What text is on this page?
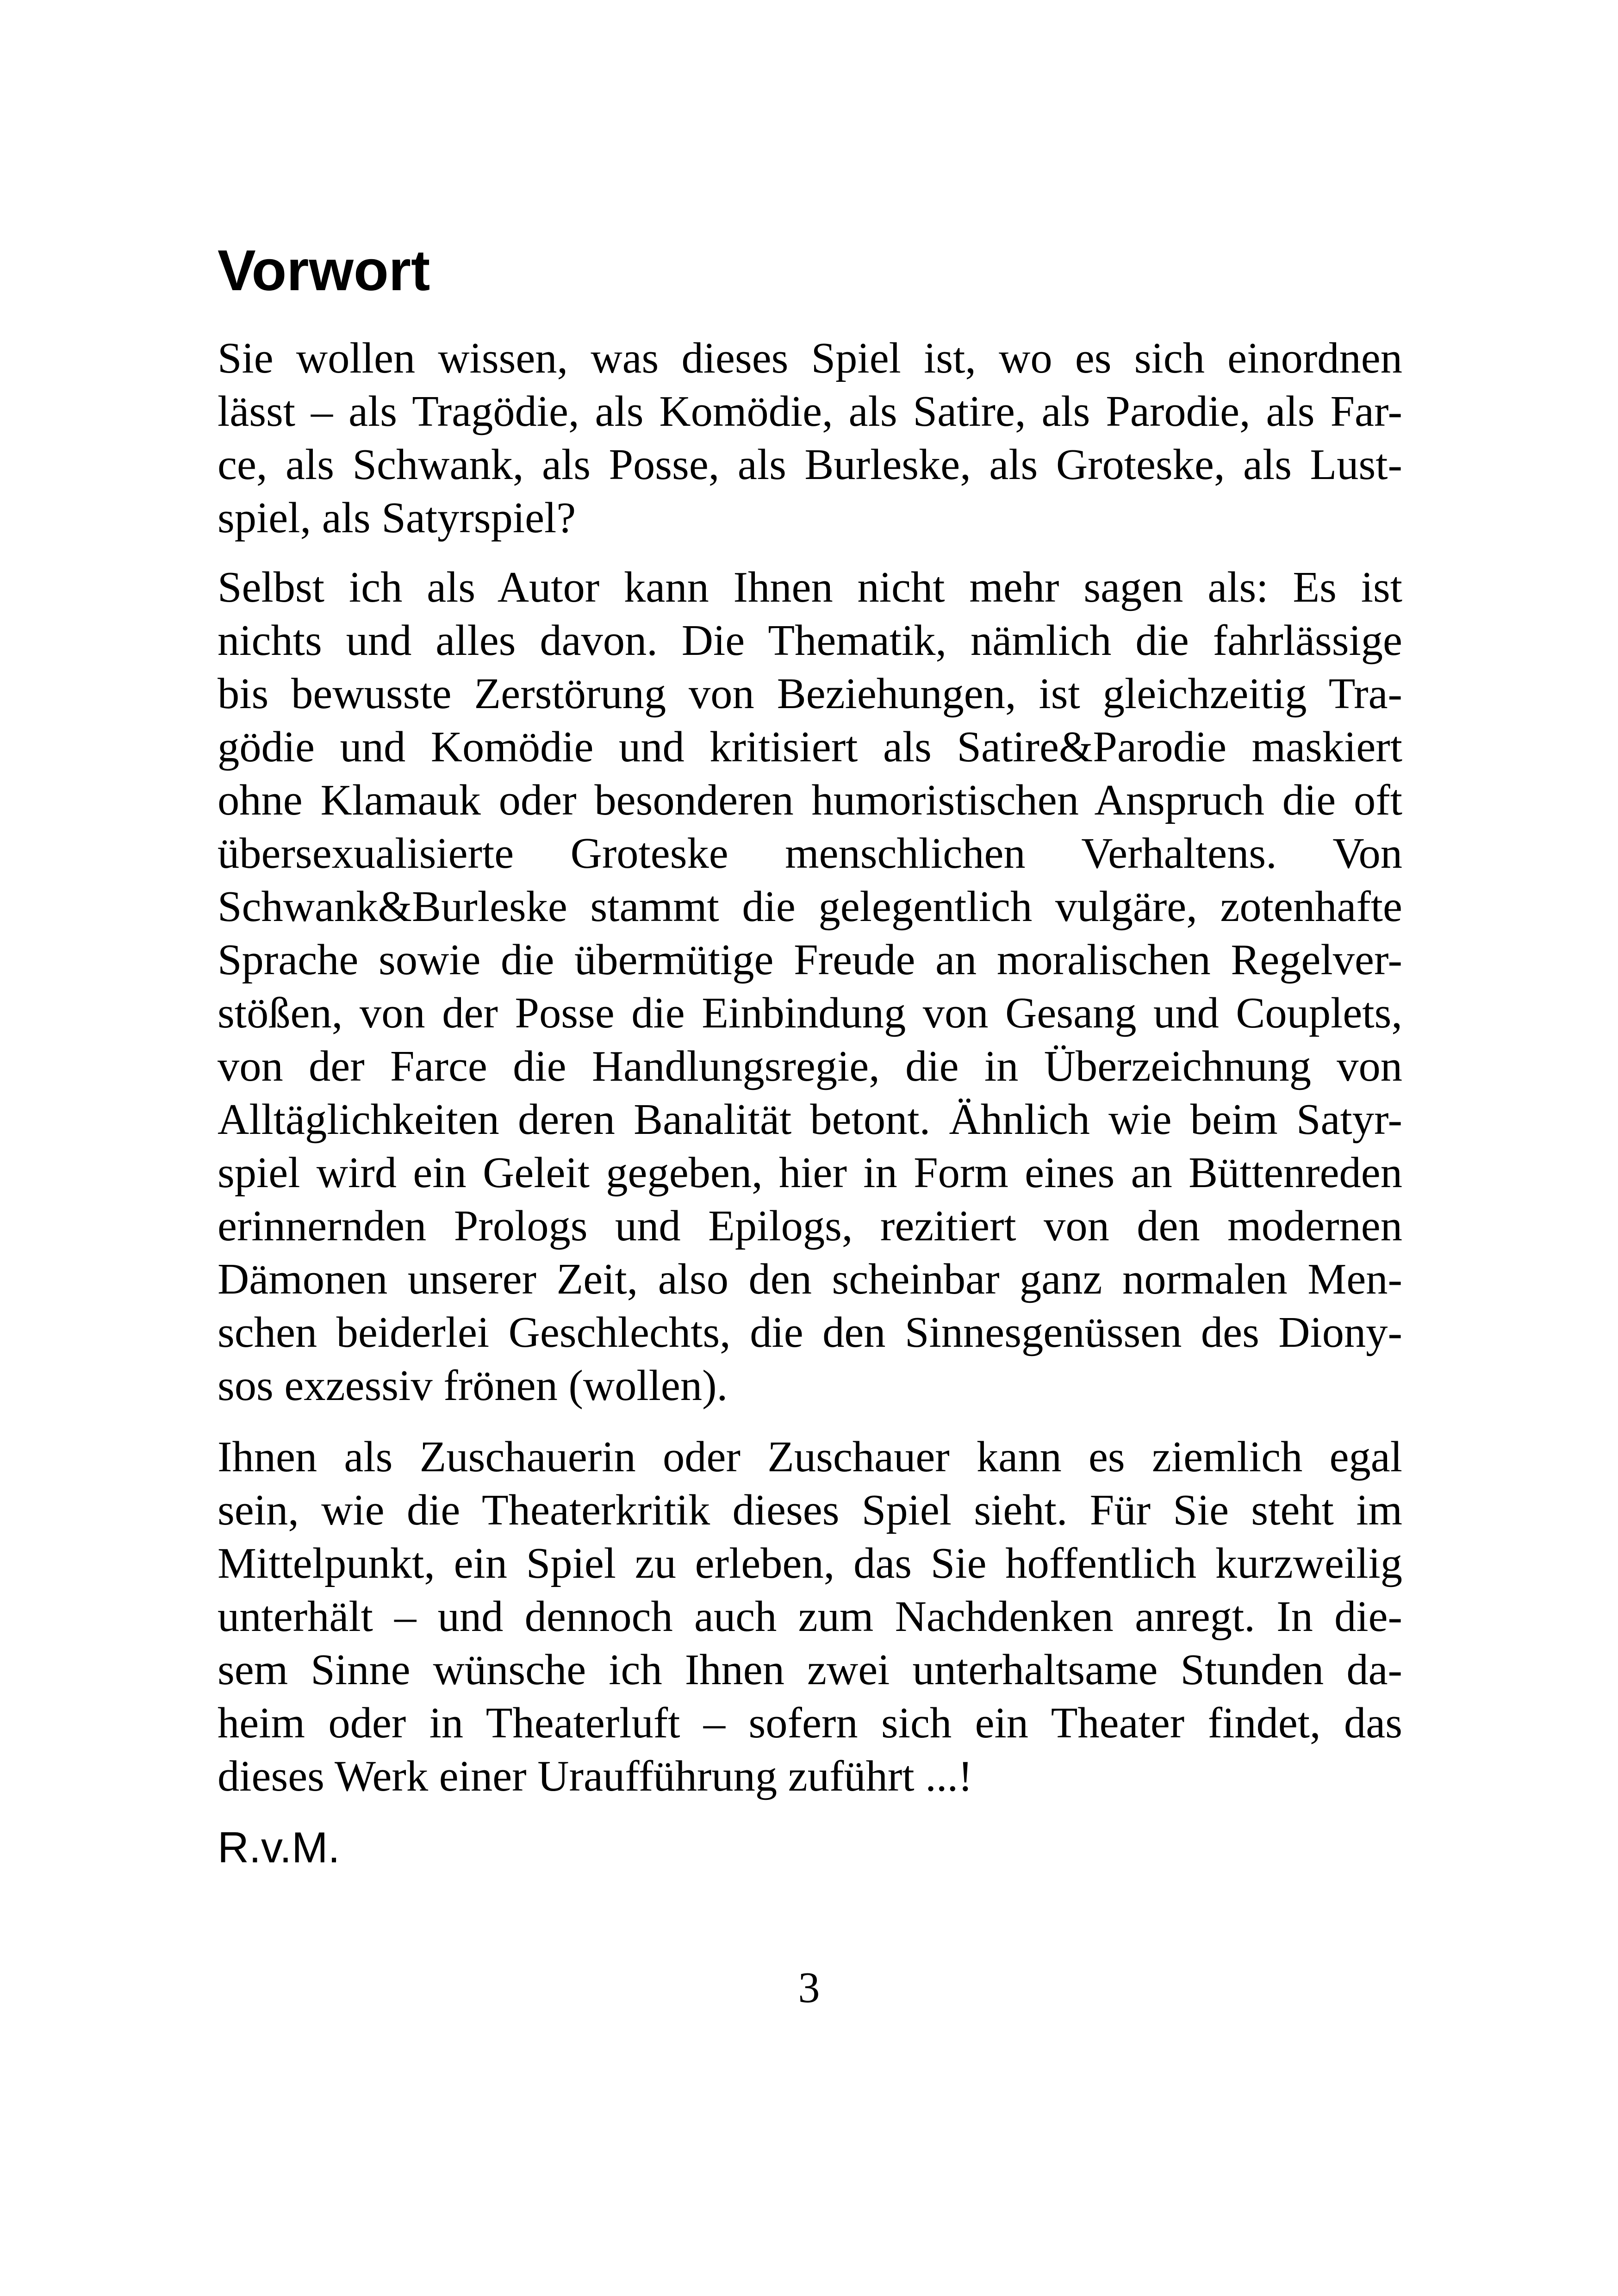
Vorwort
Sie wollen wissen, was dieses Spiel ist, wo es sich einordnen
lässt – als Tragödie, als Komödie, als Satire, als Parodie, als Far-
ce, als Schwank, als Posse, als Burleske, als Groteske, als Lust-
spiel, als Satyrspiel?
Selbst ich als Autor kann Ihnen nicht mehr sagen als: Es ist
nichts und alles davon. Die Thematik, nämlich die fahrlässige
bis bewusste Zerstörung von Beziehungen, ist gleichzeitig Tra-
gödie und Komödie und kritisiert als Satire&Parodie maskiert
ohne Klamauk oder besonderen humoristischen Anspruch die oft
übersexualisierte Groteske menschlichen Verhaltens. Von
Schwank&Burleske stammt die gelegentlich vulgäre, zotenhafte
Sprache sowie die übermütige Freude an moralischen Regelver-
stößen, von der Posse die Einbindung von Gesang und Couplets,
von der Farce die Handlungsregie, die in Überzeichnung von
Alltäglichkeiten deren Banalität betont. Ähnlich wie beim Satyr-
spiel wird ein Geleit gegeben, hier in Form eines an Büttenreden
erinnernden Prologs und Epilogs, rezitiert von den modernen
Dämonen unserer Zeit, also den scheinbar ganz normalen Men-
schen beiderlei Geschlechts, die den Sinnesgenüssen des Diony-
sos exzessiv frönen (wollen).
Ihnen als Zuschauerin oder Zuschauer kann es ziemlich egal
sein, wie die Theaterkritik dieses Spiel sieht. Für Sie steht im
Mittelpunkt, ein Spiel zu erleben, das Sie hoffentlich kurzweilig
unterhält – und dennoch auch zum Nachdenken anregt. In die-
sem Sinne wünsche ich Ihnen zwei unterhaltsame Stunden da-
heim oder in Theaterluft – sofern sich ein Theater findet, das
dieses Werk einer Uraufführung zuführt ...!

R.v.M.

3
